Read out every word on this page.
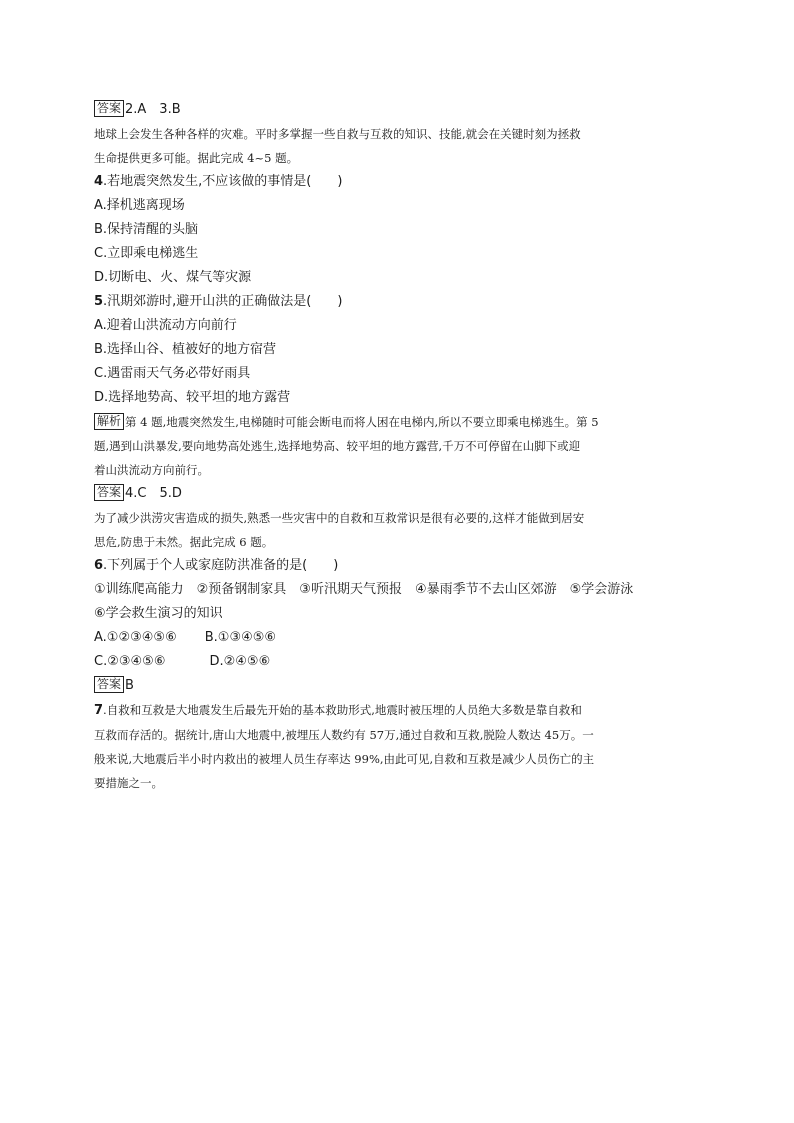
答案 2.A　3.B
地球上会发生各种各样的灾难。平时多掌握一些自救与互救的知识、技能,就会在关键时刻为拯救
生命提供更多可能。据此完成 4~5 题。
4.若地震突然发生,不应该做的事情是(　　)
A.择机逃离现场
B.保持清醒的头脑
C.立即乘电梯逃生
D.切断电、火、煤气等灾源
5.汛期郊游时,避开山洪的正确做法是(　　)
A.迎着山洪流动方向前行
B.选择山谷、植被好的地方宿营
C.遇雷雨天气务必带好雨具
D.选择地势高、较平坦的地方露营
解析 第 4 题,地震突然发生,电梯随时可能会断电而将人困在电梯内,所以不要立即乘电梯逃生。第 5
题,遇到山洪暴发,要向地势高处逃生,选择地势高、较平坦的地方露营,千万不可停留在山脚下或迎
着山洪流动方向前行。
答案 4.C　5.D
为了减少洪涝灾害造成的损失,熟悉一些灾害中的自救和互救常识是很有必要的,这样才能做到居安
思危,防患于未然。据此完成 6 题。
6.下列属于个人或家庭防洪准备的是(　　)
①训练爬高能力　②预备钢制家具　③听汛期天气预报　④暴雨季节不去山区郊游　⑤学会游泳
⑥学会救生演习的知识
A.①②③④⑤⑥ B.①③④⑤⑥
C.②③④⑤⑥	D.②④⑤⑥
答案 B
7.自救和互救是大地震发生后最先开始的基本救助形式,地震时被压埋的人员绝大多数是靠自救和
互救而存活的。据统计,唐山大地震中,被埋压人数约有 57万,通过自救和互救,脱险人数达 45万。一
般来说,大地震后半小时内救出的被埋人员生存率达 99%,由此可见,自救和互救是减少人员伤亡的主
要措施之一。
